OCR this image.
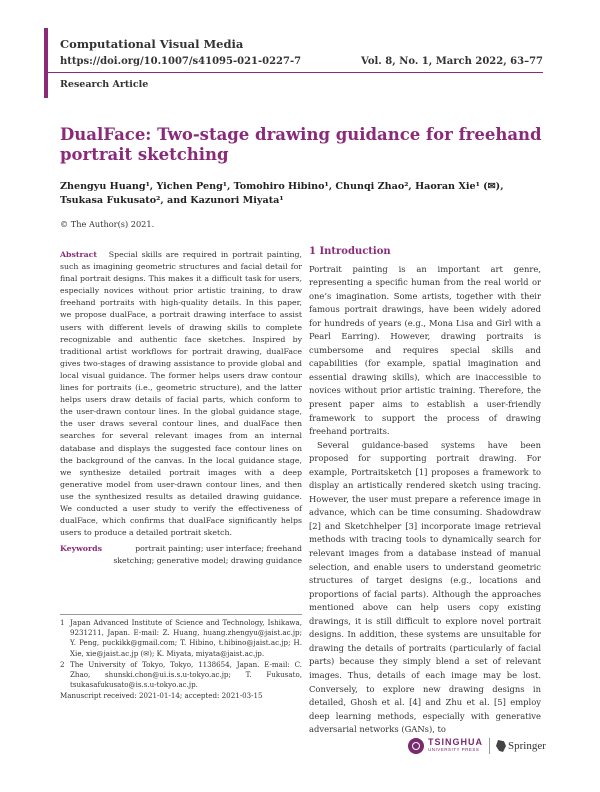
Computational Visual Media
https://doi.org/10.1007/s41095-021-0227-7	Vol. 8, No. 1, March 2022, 63–77
Research Article
DualFace: Two-stage drawing guidance for freehand portrait sketching
Zhengyu Huang¹, Yichen Peng¹, Tomohiro Hibino¹, Chunqi Zhao², Haoran Xie¹ (✉), Tsukasa Fukusato², and Kazunori Miyata¹
© The Author(s) 2021.

Abstract Special skills are required in portrait painting, such as imagining geometric structures and facial detail for final portrait designs. This makes it a difficult task for users, especially novices without prior artistic training, to draw freehand portraits with high-quality details. In this paper, we propose dualFace, a portrait drawing interface to assist users with different levels of drawing skills to complete recognizable and authentic face sketches. Inspired by traditional artist workflows for portrait drawing, dualFace gives two-stages of drawing assistance to provide global and local visual guidance. The former helps users draw contour lines for portraits (i.e., geometric structure), and the latter helps users draw details of facial parts, which conform to the user-drawn contour lines. In the global guidance stage, the user draws several contour lines, and dualFace then searches for several relevant images from an internal database and displays the suggested face contour lines on the background of the canvas. In the local guidance stage, we synthesize detailed portrait images with a deep generative model from user-drawn contour lines, and then use the synthesized results as detailed drawing guidance. We conducted a user study to verify the effectiveness of dualFace, which confirms that dualFace significantly helps users to produce a detailed portrait sketch.

Keywords	portrait painting; user interface; freehand sketching; generative model; drawing guidance
1 Japan Advanced Institute of Science and Technology, Ishikawa, 9231211, Japan. E-mail: Z. Huang, huang.zhengyu@jaist.ac.jp; Y. Peng, puckikk@gmail.com; T. Hibino, t.hibino@jaist.ac.jp; H. Xie, xie@jaist.ac.jp (✉); K. Miyata, miyata@jaist.ac.jp.
2 The University of Tokyo, Tokyo, 1138654, Japan. E-mail: C. Zhao, shunski.chon@ui.is.s.u-tokyo.ac.jp; T. Fukusato, tsukasafukusato@is.s.u-tokyo.ac.jp.
Manuscript received: 2021-01-14; accepted: 2021-03-15
1 Introduction

Portrait painting is an important art genre, representing a specific human from the real world or one’s imagination. Some artists, together with their famous portrait drawings, have been widely adored for hundreds of years (e.g., Mona Lisa and Girl with a Pearl Earring). However, drawing portraits is cumbersome and requires special skills and capabilities (for example, spatial imagination and essential drawing skills), which are inaccessible to novices without prior artistic training. Therefore, the present paper aims to establish a user-friendly framework to support the process of drawing freehand portraits.

Several guidance-based systems have been proposed for supporting portrait drawing. For example, Portraitsketch [1] proposes a framework to display an artistically rendered sketch using tracing. However, the user must prepare a reference image in advance, which can be time consuming. Shadowdraw [2] and Sketchhelper [3] incorporate image retrieval methods with tracing tools to dynamically search for relevant images from a database instead of manual selection, and enable users to understand geometric structures of target designs (e.g., locations and proportions of facial parts). Although the approaches mentioned above can help users copy existing drawings, it is still difficult to explore novel portrait designs. In addition, these systems are unsuitable for drawing the details of portraits (particularly of facial parts) because they simply blend a set of relevant images. Thus, details of each image may be lost. Conversely, to explore new drawing designs in detailed, Ghosh et al. [4] and Zhu et al. [5] employ deep learning methods, especially with generative adversarial networks (GANs), to

TSINGHUA
UNIVERSITY PRESS	Springer
